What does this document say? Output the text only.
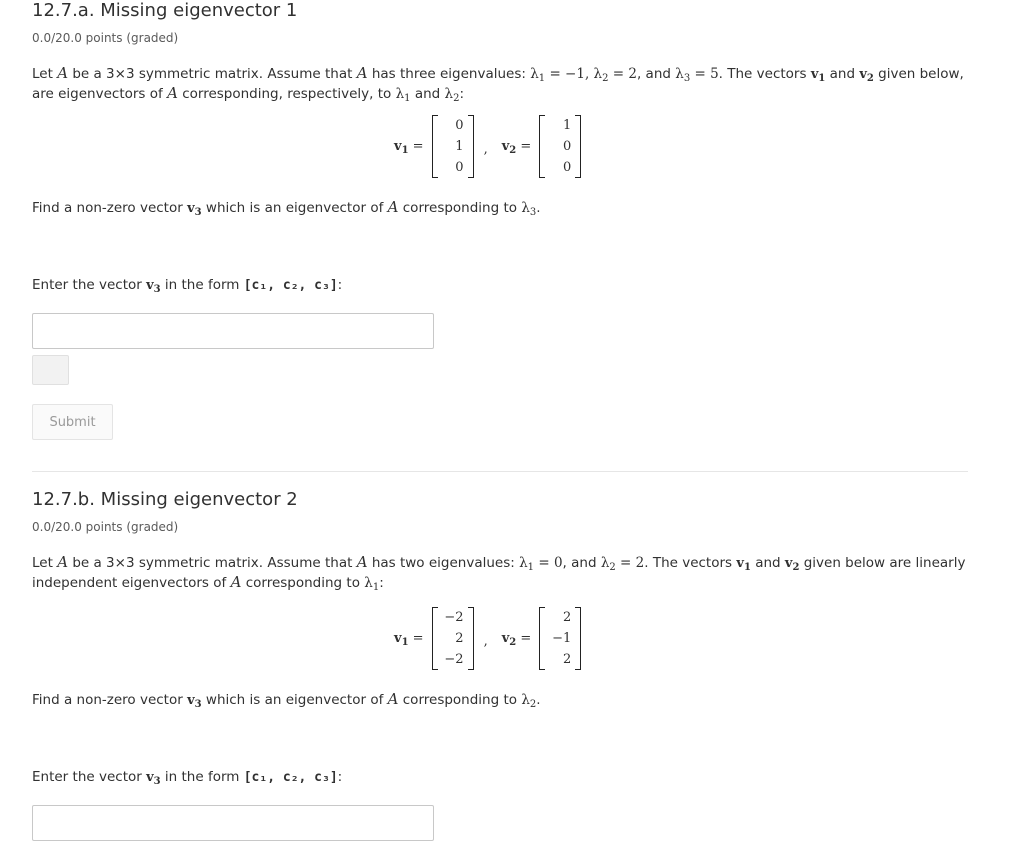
12.7.a. Missing eigenvector 1
0.0/20.0 points (graded)
Let A be a 3×3 symmetric matrix. Assume that A has three eigenvalues: $\lambda_1 = -1$, $\lambda_2 = 2$, and $\lambda_3 = 5$. The vectors $v_1$ and $v_2$ given below,
are eigenvectors of A corresponding, respectively, to $\lambda_1$ and $\lambda_2$:
$v_1$ =
0
1
0
, $v_2$ =
1
0
0
Find a non-zero vector $v_3$ which is an eigenvector of A corresponding to $\lambda_3$.
Enter the vector $v_3$ in the form [c₁, c₂, c₃]:
Submit
12.7.b. Missing eigenvector 2
0.0/20.0 points (graded)
Let A be a 3×3 symmetric matrix. Assume that A has two eigenvalues: $\lambda_1 = 0$, and $\lambda_2 = 2$. The vectors $v_1$ and $v_2$ given below are linearly
independent eigenvectors of A corresponding to $\lambda_1$:
$v_1$ =
−2
2
−2
, $v_2$ =
2
−1
2
Find a non-zero vector $v_3$ which is an eigenvector of A corresponding to $\lambda_2$.
Enter the vector $v_3$ in the form [c₁, c₂, c₃]:
